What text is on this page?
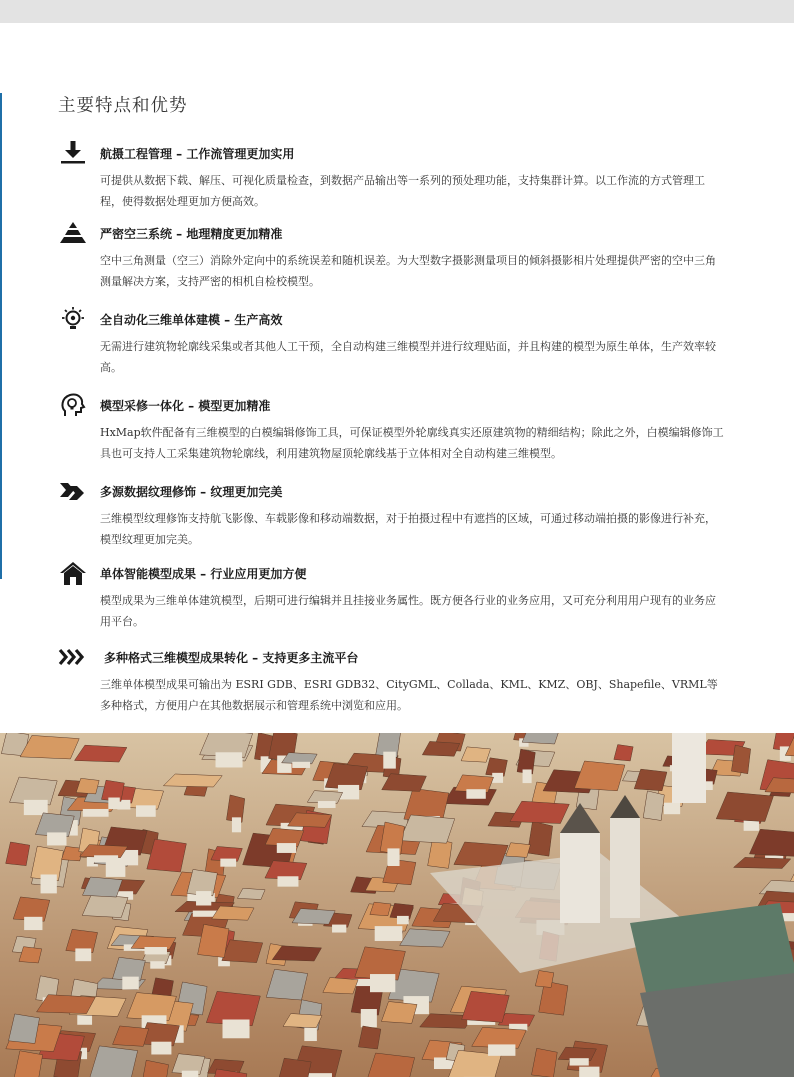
主要特点和优势
航摄工程管理 – 工作流管理更加实用
可提供从数据下载、解压、可视化质量检查，到数据产品输出等一系列的预处理功能，支持集群计算。以工作流的方式管理工程，使得数据处理更加方便高效。
严密空三系统 – 地理精度更加精准
空中三角测量（空三）消除外定向中的系统误差和随机误差。为大型数字摄影测量项目的倾斜摄影相片处理提供严密的空中三角测量解决方案，支持严密的相机自检校模型。
全自动化三维单体建模 – 生产高效
无需进行建筑物轮廓线采集或者其他人工干预，全自动构建三维模型并进行纹理贴面，并且构建的模型为原生单体，生产效率较高。
模型采修一体化 – 模型更加精准
HxMap软件配备有三维模型的白模编辑修饰工具，可保证模型外轮廓线真实还原建筑物的精细结构；除此之外，白模编辑修饰工具也可支持人工采集建筑物轮廓线，利用建筑物屋顶轮廓线基于立体相对全自动构建三维模型。
多源数据纹理修饰 – 纹理更加完美
三维模型纹理修饰支持航飞影像、车载影像和移动端数据，对于拍摄过程中有遮挡的区域，可通过移动端拍摄的影像进行补充，模型纹理更加完美。
单体智能模型成果 – 行业应用更加方便
模型成果为三维单体建筑模型，后期可进行编辑并且挂接业务属性。既方便各行业的业务应用，又可充分利用用户现有的业务应用平台。
多种格式三维模型成果转化 – 支持更多主流平台
三维单体模型成果可输出为 ESRI GDB、ESRI GDB32、CityGML、Collada、KML、KMZ、OBJ、Shapefile、VRML等多种格式，方便用户在其他数据展示和管理系统中浏览和应用。
